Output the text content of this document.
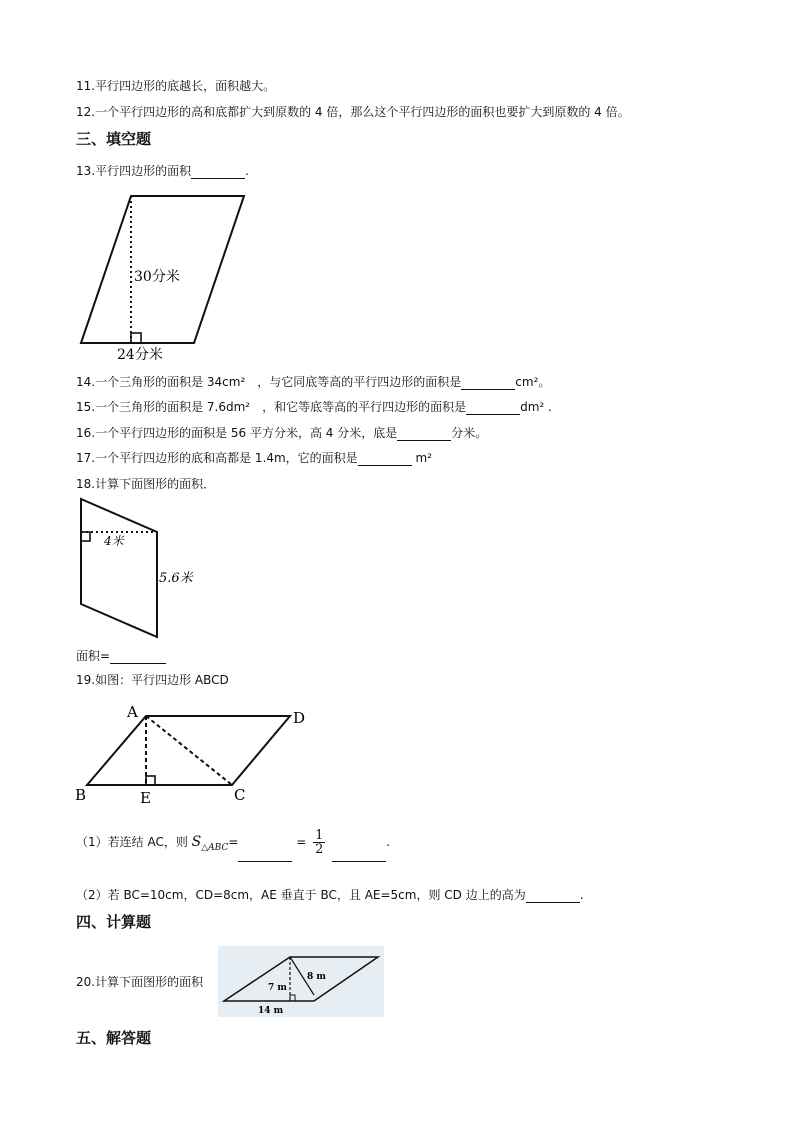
11.平行四边形的底越长，面积越大。
12.一个平行四边形的高和底都扩大到原数的 4 倍，那么这个平行四边形的面积也要扩大到原数的 4 倍。
三、填空题
13.平行四边形的面积	.
30分米
24分米
14.一个三角形的面积是 34cm²　，与它同底等高的平行四边形的面积是	cm²。
15.一个三角形的面积是 7.6dm²　，和它等底等高的平行四边形的面积是	dm² .
16.一个平行四边形的面积是 56 平方分米，高 4 分米，底是	分米。
17.一个平行四边形的底和高都是 1.4m，它的面积是	m²
18.计算下面图形的面积．
4米
5.6米
面积=
19.如图：平行四边形 ABCD
A	D
B	E	C
（1）若连结 AC，则 $S_{\triangle ABC}=$	= $\frac{1}{2}$	.
（2）若 BC=10cm，CD=8cm，AE 垂直于 BC，且 AE=5cm，则 CD 边上的高为	.
四、计算题
20.计算下面图形的面积	7 m
8 m
14 m
五、解答题
